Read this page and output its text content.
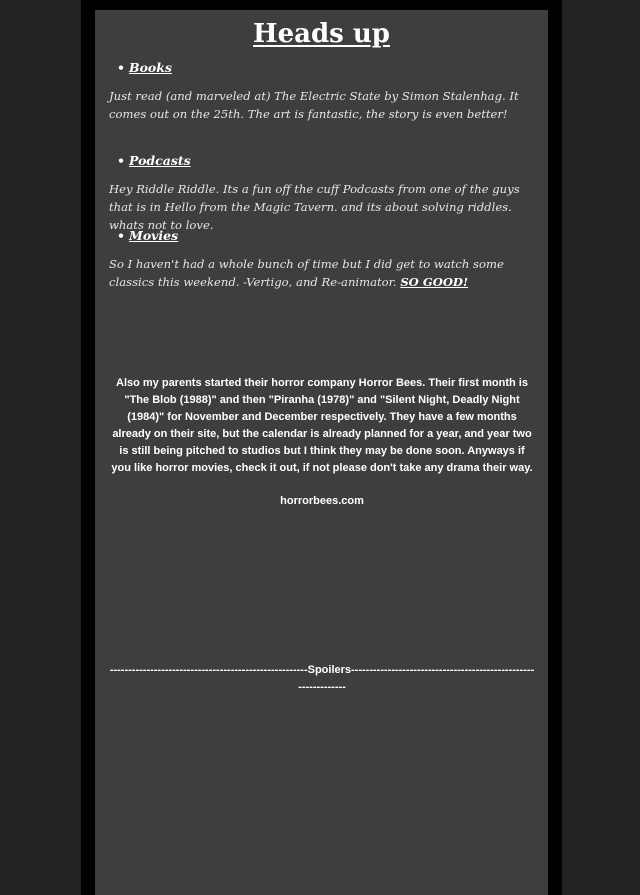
Heads up
• Books

Just read (and marveled at) The Electric State by Simon Stalenhag. It comes out on the 25th. The art is fantastic, the story is even better!

• Podcasts

Hey Riddle Riddle. Its a fun off the cuff Podcasts from one of the guys that is in Hello from the Magic Tavern. and its about solving riddles. whats not to love.

• Movies

So I haven't had a whole bunch of time but I did get to watch some classics this weekend. -Vertigo, and Re-animator. SO GOOD!

Also my parents started their horror company Horror Bees. Their first month is "The Blob (1988)" and then "Piranha (1978)" and "Silent Night, Deadly Night (1984)" for November and December respectively. They have a few months already on their site, but the calendar is already planned for a year, and year two is still being pitched to studios but I think they may be done soon. Anyways if you like horror movies, check it out, if not please don't take any drama their way.

horrorbees.com

------------------------------------------------------Spoilers---------------------------------------------------------------
